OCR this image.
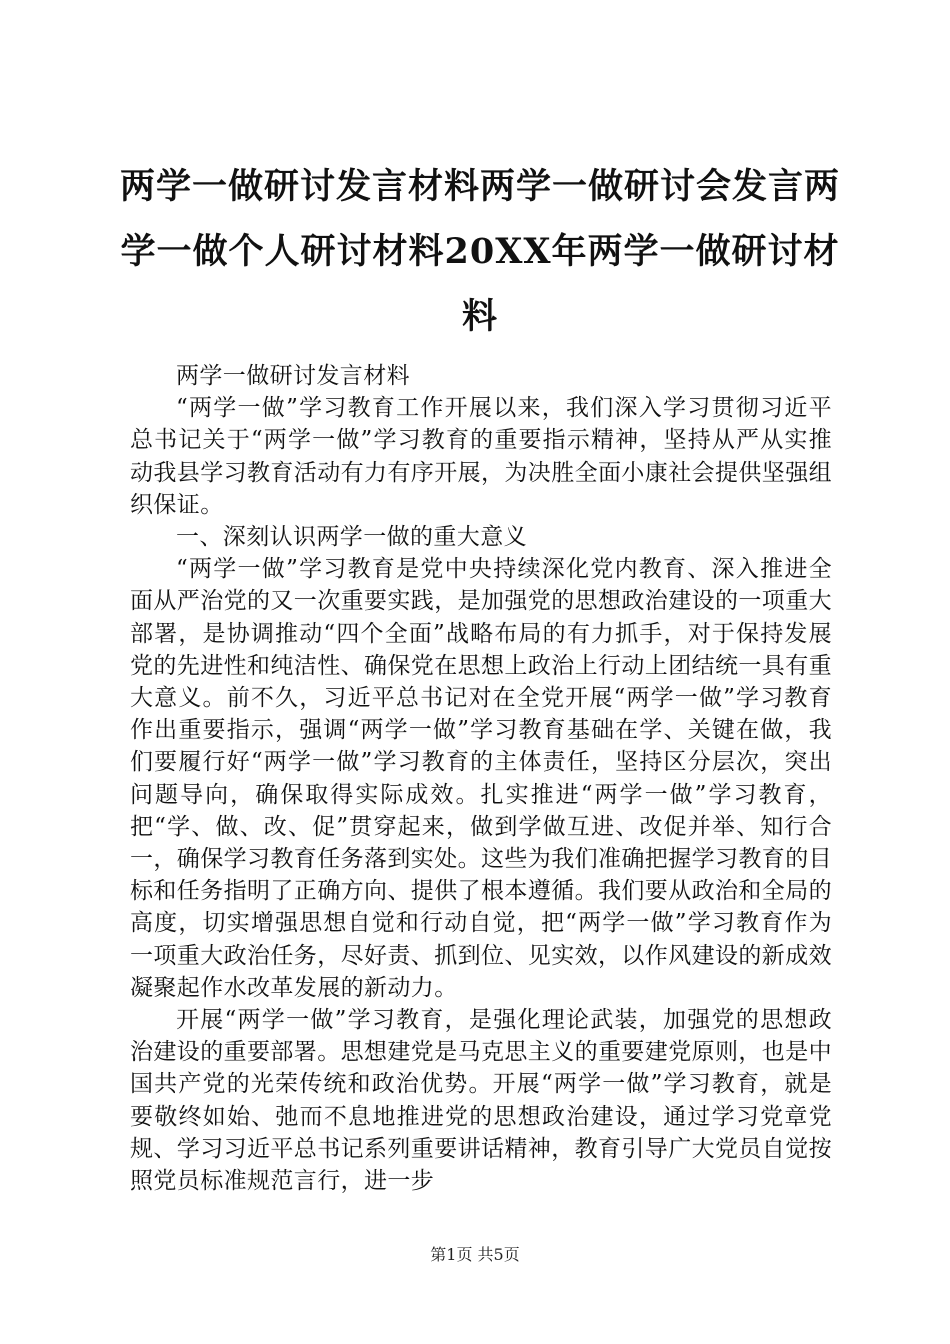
两学一做研讨发言材料两学一做研讨会发言两学一做个人研讨材料20XX年两学一做研讨材料

两学一做研讨发言材料

“两学一做”学习教育工作开展以来，我们深入学习贯彻习近平总书记关于“两学一做”学习教育的重要指示精神，坚持从严从实推动我县学习教育活动有力有序开展，为决胜全面小康社会提供坚强组织保证。

一、深刻认识两学一做的重大意义

“两学一做”学习教育是党中央持续深化党内教育、深入推进全面从严治党的又一次重要实践，是加强党的思想政治建设的一项重大部署，是协调推动“四个全面”战略布局的有力抓手，对于保持发展党的先进性和纯洁性、确保党在思想上政治上行动上团结统一具有重大意义。前不久，习近平总书记对在全党开展“两学一做”学习教育作出重要指示，强调“两学一做”学习教育基础在学、关键在做，我们要履行好“两学一做”学习教育的主体责任，坚持区分层次，突出问题导向，确保取得实际成效。扎实推进“两学一做”学习教育，把“学、做、改、促”贯穿起来，做到学做互进、改促并举、知行合一，确保学习教育任务落到实处。这些为我们准确把握学习教育的目标和任务指明了正确方向、提供了根本遵循。我们要从政治和全局的高度，切实增强思想自觉和行动自觉，把“两学一做”学习教育作为一项重大政治任务，尽好责、抓到位、见实效，以作风建设的新成效凝聚起作水改革发展的新动力。

开展“两学一做”学习教育，是强化理论武装，加强党的思想政治建设的重要部署。思想建党是马克思主义的重要建党原则，也是中国共产党的光荣传统和政治优势。开展“两学一做”学习教育，就是要敬终如始、弛而不息地推进党的思想政治建设，通过学习党章党规、学习习近平总书记系列重要讲话精神，教育引导广大党员自觉按照党员标准规范言行，进一步

第1页 共5页
